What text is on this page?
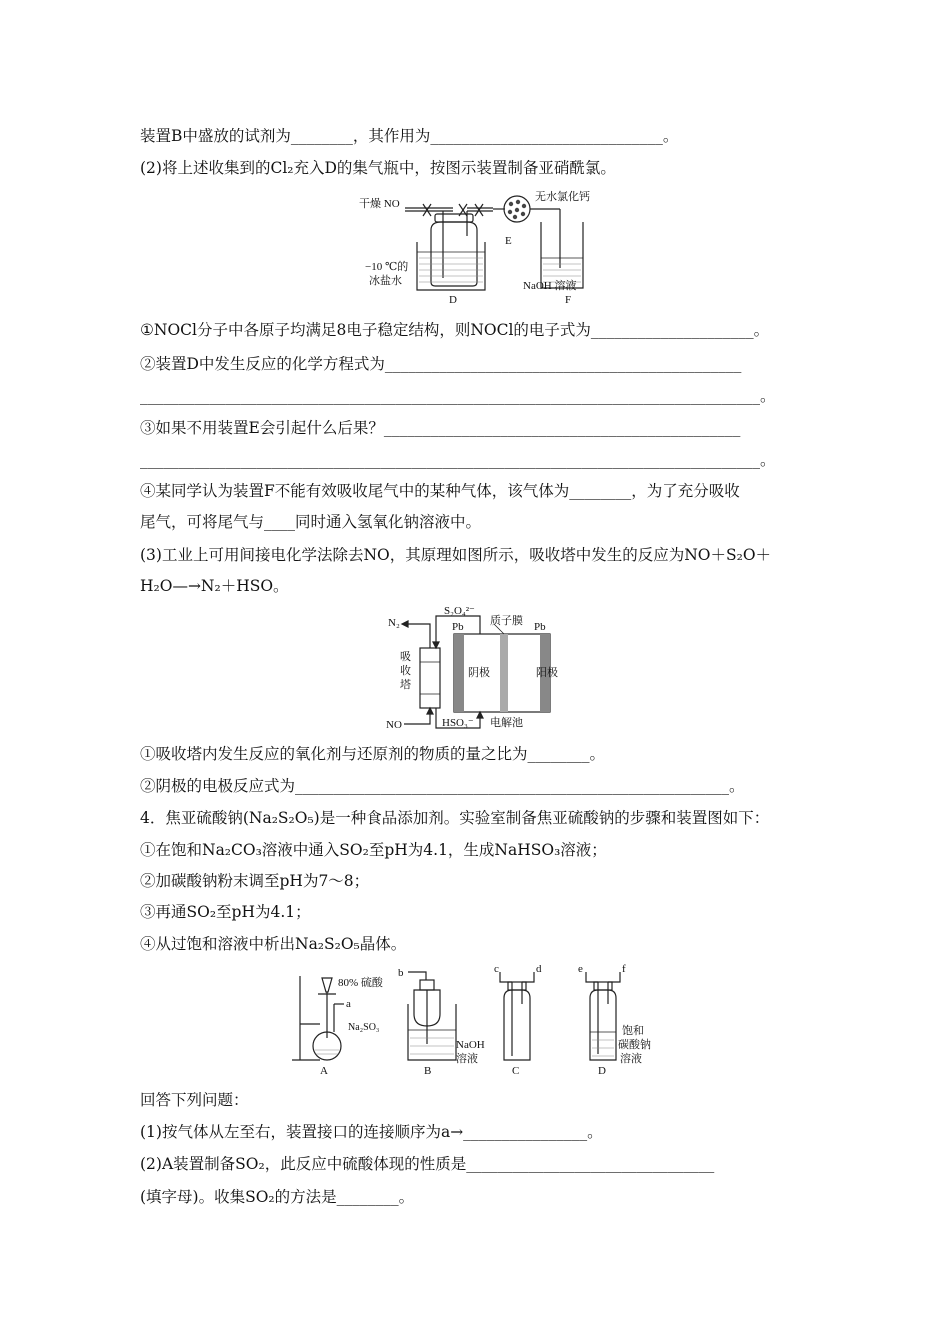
装置B中盛放的试剂为________，其作用为______________________________。
(2)将上述收集到的Cl₂充入D的集气瓶中，按图示装置制备亚硝酰氯。
干燥 NO
无水氯化钙
E
−10 ℃的
冰盐水	NaOH 溶液
D	F
①NOCl分子中各原子均满足8电子稳定结构，则NOCl的电子式为_____________________。
②装置D中发生反应的化学方程式为______________________________________________
________________________________________________________________________________。
③如果不用装置E会引起什么后果？______________________________________________
________________________________________________________________________________。
④某同学认为装置F不能有效吸收尾气中的某种气体，该气体为________，为了充分吸收
尾气，可将尾气与____同时通入氢氧化钠溶液中。
(3)工业上可用间接电化学法除去NO，其原理如图所示，吸收塔中发生的反应为NO＋S₂O＋
H₂O—→N₂＋HSO。
N₂
S₂O₄²⁻
质子膜
Pb	Pb
吸
收
塔
阴极	阳极
NO	HSO₃⁻ 电解池
①吸收塔内发生反应的氧化剂与还原剂的物质的量之比为________。
②阴极的电极反应式为________________________________________________________。
4．焦亚硫酸钠(Na₂S₂O₅)是一种食品添加剂。实验室制备焦亚硫酸钠的步骤和装置图如下：
①在饱和Na₂CO₃溶液中通入SO₂至pH为4.1，生成NaHSO₃溶液；
②加碳酸钠粉末调至pH为7～8；
③再通SO₂至pH为4.1；
④从过饱和溶液中析出Na₂S₂O₅晶体。
80% 硫酸
a
Na₂SO₃
b
NaOH
溶液
c	d	e	f
饱和
碳酸钠
溶液
A	B	C	D
回答下列问题：
(1)按气体从左至右，装置接口的连接顺序为a→________________。
(2)A装置制备SO₂，此反应中硫酸体现的性质是________________________________
(填字母)。收集SO₂的方法是________。
